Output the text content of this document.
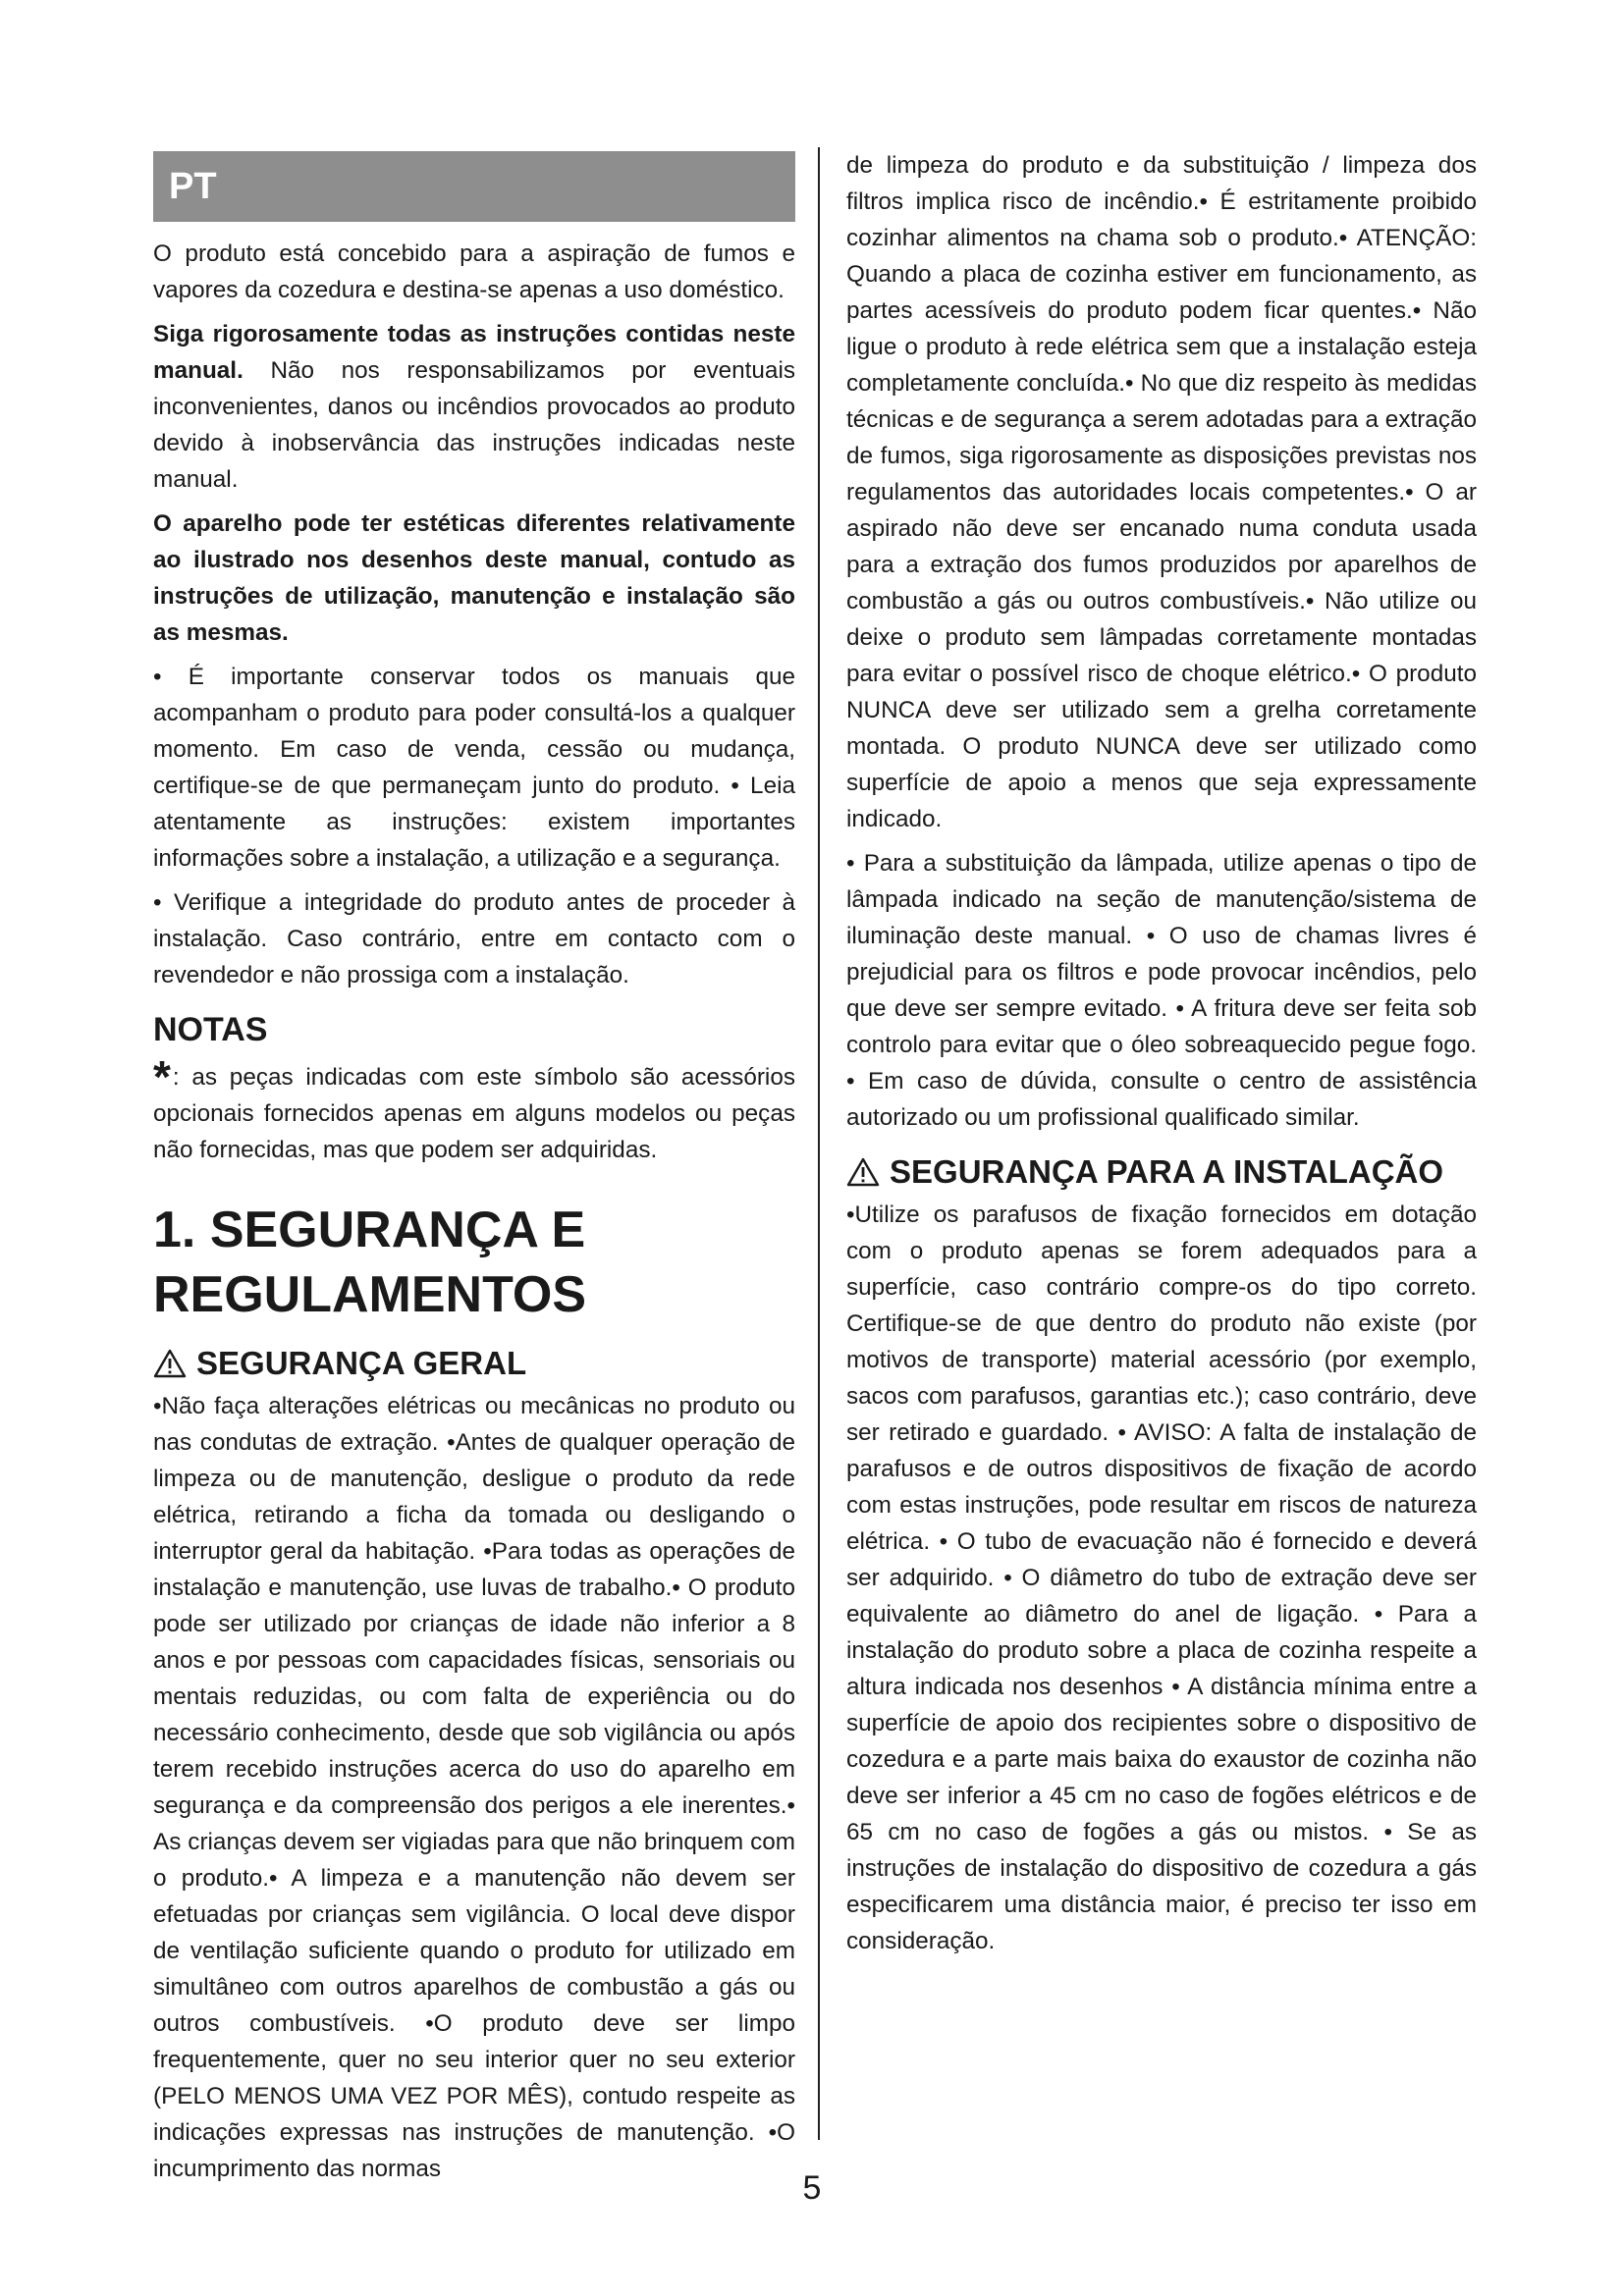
PT

O produto está concebido para a aspiração de fumos e vapores da cozedura e destina-se apenas a uso doméstico.

Siga rigorosamente todas as instruções contidas neste manual. Não nos responsabilizamos por eventuais inconvenientes, danos ou incêndios provocados ao produto devido à inobservância das instruções indicadas neste manual.

O aparelho pode ter estéticas diferentes relativamente ao ilustrado nos desenhos deste manual, contudo as instruções de utilização, manutenção e instalação são as mesmas.

• É importante conservar todos os manuais que acompanham o produto para poder consultá-los a qualquer momento. Em caso de venda, cessão ou mudança, certifique-se de que permaneçam junto do produto. • Leia atentamente as instruções: existem importantes informações sobre a instalação, a utilização e a segurança.

• Verifique a integridade do produto antes de proceder à instalação. Caso contrário, entre em contacto com o revendedor e não prossiga com a instalação.

NOTAS

*: as peças indicadas com este símbolo são acessórios opcionais fornecidos apenas em alguns modelos ou peças não fornecidas, mas que podem ser adquiridas.

1. SEGURANÇA E REGULAMENTOS
SEGURANÇA GERAL

•Não faça alterações elétricas ou mecânicas no produto ou nas condutas de extração. •Antes de qualquer operação de limpeza ou de manutenção, desligue o produto da rede elétrica, retirando a ficha da tomada ou desligando o interruptor geral da habitação. •Para todas as operações de instalação e manutenção, use luvas de trabalho.• O produto pode ser utilizado por crianças de idade não inferior a 8 anos e por pessoas com capacidades físicas, sensoriais ou mentais reduzidas, ou com falta de experiência ou do necessário conhecimento, desde que sob vigilância ou após terem recebido instruções acerca do uso do aparelho em segurança e da compreensão dos perigos a ele inerentes.• As crianças devem ser vigiadas para que não brinquem com o produto.• A limpeza e a manutenção não devem ser efetuadas por crianças sem vigilância. O local deve dispor de ventilação suficiente quando o produto for utilizado em simultâneo com outros aparelhos de combustão a gás ou outros combustíveis. •O produto deve ser limpo frequentemente, quer no seu interior quer no seu exterior (PELO MENOS UMA VEZ POR MÊS), contudo respeite as indicações expressas nas instruções de manutenção. •O incumprimento das normas

de limpeza do produto e da substituição / limpeza dos filtros implica risco de incêndio.• É estritamente proibido cozinhar alimentos na chama sob o produto.• ATENÇÃO: Quando a placa de cozinha estiver em funcionamento, as partes acessíveis do produto podem ficar quentes.• Não ligue o produto à rede elétrica sem que a instalação esteja completamente concluída.• No que diz respeito às medidas técnicas e de segurança a serem adotadas para a extração de fumos, siga rigorosamente as disposições previstas nos regulamentos das autoridades locais competentes.• O ar aspirado não deve ser encanado numa conduta usada para a extração dos fumos produzidos por aparelhos de combustão a gás ou outros combustíveis.• Não utilize ou deixe o produto sem lâmpadas corretamente montadas para evitar o possível risco de choque elétrico.• O produto NUNCA deve ser utilizado sem a grelha corretamente montada. O produto NUNCA deve ser utilizado como superfície de apoio a menos que seja expressamente indicado.

• Para a substituição da lâmpada, utilize apenas o tipo de lâmpada indicado na seção de manutenção/sistema de iluminação deste manual. • O uso de chamas livres é prejudicial para os filtros e pode provocar incêndios, pelo que deve ser sempre evitado. • A fritura deve ser feita sob controlo para evitar que o óleo sobreaquecido pegue fogo. • Em caso de dúvida, consulte o centro de assistência autorizado ou um profissional qualificado similar.

SEGURANÇA PARA A INSTALAÇÃO

•Utilize os parafusos de fixação fornecidos em dotação com o produto apenas se forem adequados para a superfície, caso contrário compre-os do tipo correto. Certifique-se de que dentro do produto não existe (por motivos de transporte) material acessório (por exemplo, sacos com parafusos, garantias etc.); caso contrário, deve ser retirado e guardado. • AVISO: A falta de instalação de parafusos e de outros dispositivos de fixação de acordo com estas instruções, pode resultar em riscos de natureza elétrica. • O tubo de evacuação não é fornecido e deverá ser adquirido. • O diâmetro do tubo de extração deve ser equivalente ao diâmetro do anel de ligação. • Para a instalação do produto sobre a placa de cozinha respeite a altura indicada nos desenhos • A distância mínima entre a superfície de apoio dos recipientes sobre o dispositivo de cozedura e a parte mais baixa do exaustor de cozinha não deve ser inferior a 45 cm no caso de fogões elétricos e de 65 cm no caso de fogões a gás ou mistos. • Se as instruções de instalação do dispositivo de cozedura a gás especificarem uma distância maior, é preciso ter isso em consideração.

5
